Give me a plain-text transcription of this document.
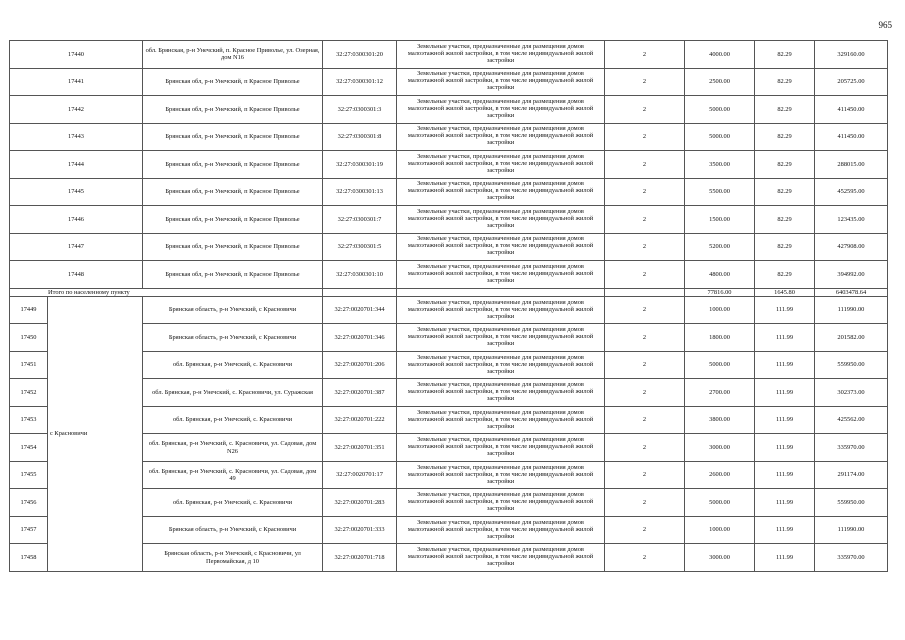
965
17440		обл. Брянская, р-н Унечский, п. Красное Приволье, ул. Озерная, дом N16	32:27:0300301:20	Земельные участки, предназначенные для размещения домов малоэтажной жилой застройки, в том числе индивидуальной жилой застройки	2	4000.00	82.29	329160.00
17441		Брянская обл, р-н Унечский, п Красное Приволье	32:27:0300301:12	Земельные участки, предназначенные для размещения домов малоэтажной жилой застройки, в том числе индивидуальной жилой застройки	2	2500.00	82.29	205725.00
17442		Брянская обл, р-н Унечский, п Красное Приволье	32:27:0300301:3	Земельные участки, предназначенные для размещения домов малоэтажной жилой застройки, в том числе индивидуальной жилой застройки	2	5000.00	82.29	411450.00
17443		Брянская обл, р-н Унечский, п Красное Приволье	32:27:0300301:8	Земельные участки, предназначенные для размещения домов малоэтажной жилой застройки, в том числе индивидуальной жилой застройки	2	5000.00	82.29	411450.00
17444		Брянская обл, р-н Унечский, п Красное Приволье	32:27:0300301:19	Земельные участки, предназначенные для размещения домов малоэтажной жилой застройки, в том числе индивидуальной жилой застройки	2	3500.00	82.29	288015.00
17445		Брянская обл, р-н Унечский, п Красное Приволье	32:27:0300301:13	Земельные участки, предназначенные для размещения домов малоэтажной жилой застройки, в том числе индивидуальной жилой застройки	2	5500.00	82.29	452595.00
17446		Брянская обл, р-н Унечский, п Красное Приволье	32:27:0300301:7	Земельные участки, предназначенные для размещения домов малоэтажной жилой застройки, в том числе индивидуальной жилой застройки	2	1500.00	82.29	123435.00
17447		Брянская обл, р-н Унечский, п Красное Приволье	32:27:0300301:5	Земельные участки, предназначенные для размещения домов малоэтажной жилой застройки, в том числе индивидуальной жилой застройки	2	5200.00	82.29	427908.00
17448		Брянская обл, р-н Унечский, п Красное Приволье	32:27:0300301:10	Земельные участки, предназначенные для размещения домов малоэтажной жилой застройки, в том числе индивидуальной жилой застройки	2	4800.00	82.29	394992.00
Итого по населенному пункту						77816.00	1645.80	6403478.64
17449	с Красновичи	Брянская область, р-н Унечский, с Красновичи	32:27:0020701:344	Земельные участки, предназначенные для размещения домов малоэтажной жилой застройки, в том числе индивидуальной жилой застройки	2	1000.00	111.99	111990.00
17450		Брянская область, р-н Унечский, с Красновичи	32:27:0020701:346	Земельные участки, предназначенные для размещения домов малоэтажной жилой застройки, в том числе индивидуальной жилой застройки	2	1800.00	111.99	201582.00
17451		обл. Брянская, р-н Унечский, с. Красновичи	32:27:0020701:206	Земельные участки, предназначенные для размещения домов малоэтажной жилой застройки, в том числе индивидуальной жилой застройки	2	5000.00	111.99	559950.00
17452		обл. Брянская, р-н Унечский, с. Красновичи, ул. Суражская	32:27:0020701:387	Земельные участки, предназначенные для размещения домов малоэтажной жилой застройки, в том числе индивидуальной жилой застройки	2	2700.00	111.99	302373.00
17453		обл. Брянская, р-н Унечский, с. Красновичи	32:27:0020701:222	Земельные участки, предназначенные для размещения домов малоэтажной жилой застройки, в том числе индивидуальной жилой застройки	2	3800.00	111.99	425562.00
17454		обл. Брянская, р-н Унечский, с. Красновичи, ул. Садовая, дом N26	32:27:0020701:351	Земельные участки, предназначенные для размещения домов малоэтажной жилой застройки, в том числе индивидуальной жилой застройки	2	3000.00	111.99	335970.00
17455		обл. Брянская, р-н Унечский, с. Красновичи, ул. Садовая, дом 49	32:27:0020701:17	Земельные участки, предназначенные для размещения домов малоэтажной жилой застройки, в том числе индивидуальной жилой застройки	2	2600.00	111.99	291174.00
17456		обл. Брянская, р-н Унечский, с. Красновичи	32:27:0020701:283	Земельные участки, предназначенные для размещения домов малоэтажной жилой застройки, в том числе индивидуальной жилой застройки	2	5000.00	111.99	559950.00
17457		Брянская область, р-н Унечский, с Красновичи	32:27:0020701:333	Земельные участки, предназначенные для размещения домов малоэтажной жилой застройки, в том числе индивидуальной жилой застройки	2	1000.00	111.99	111990.00
17458		Брянская область, р-н Унечский, с Красновичи, ул Первомайская, д 10	32:27:0020701:718	Земельные участки, предназначенные для размещения домов малоэтажной жилой застройки, в том числе индивидуальной жилой застройки	2	3000.00	111.99	335970.00
